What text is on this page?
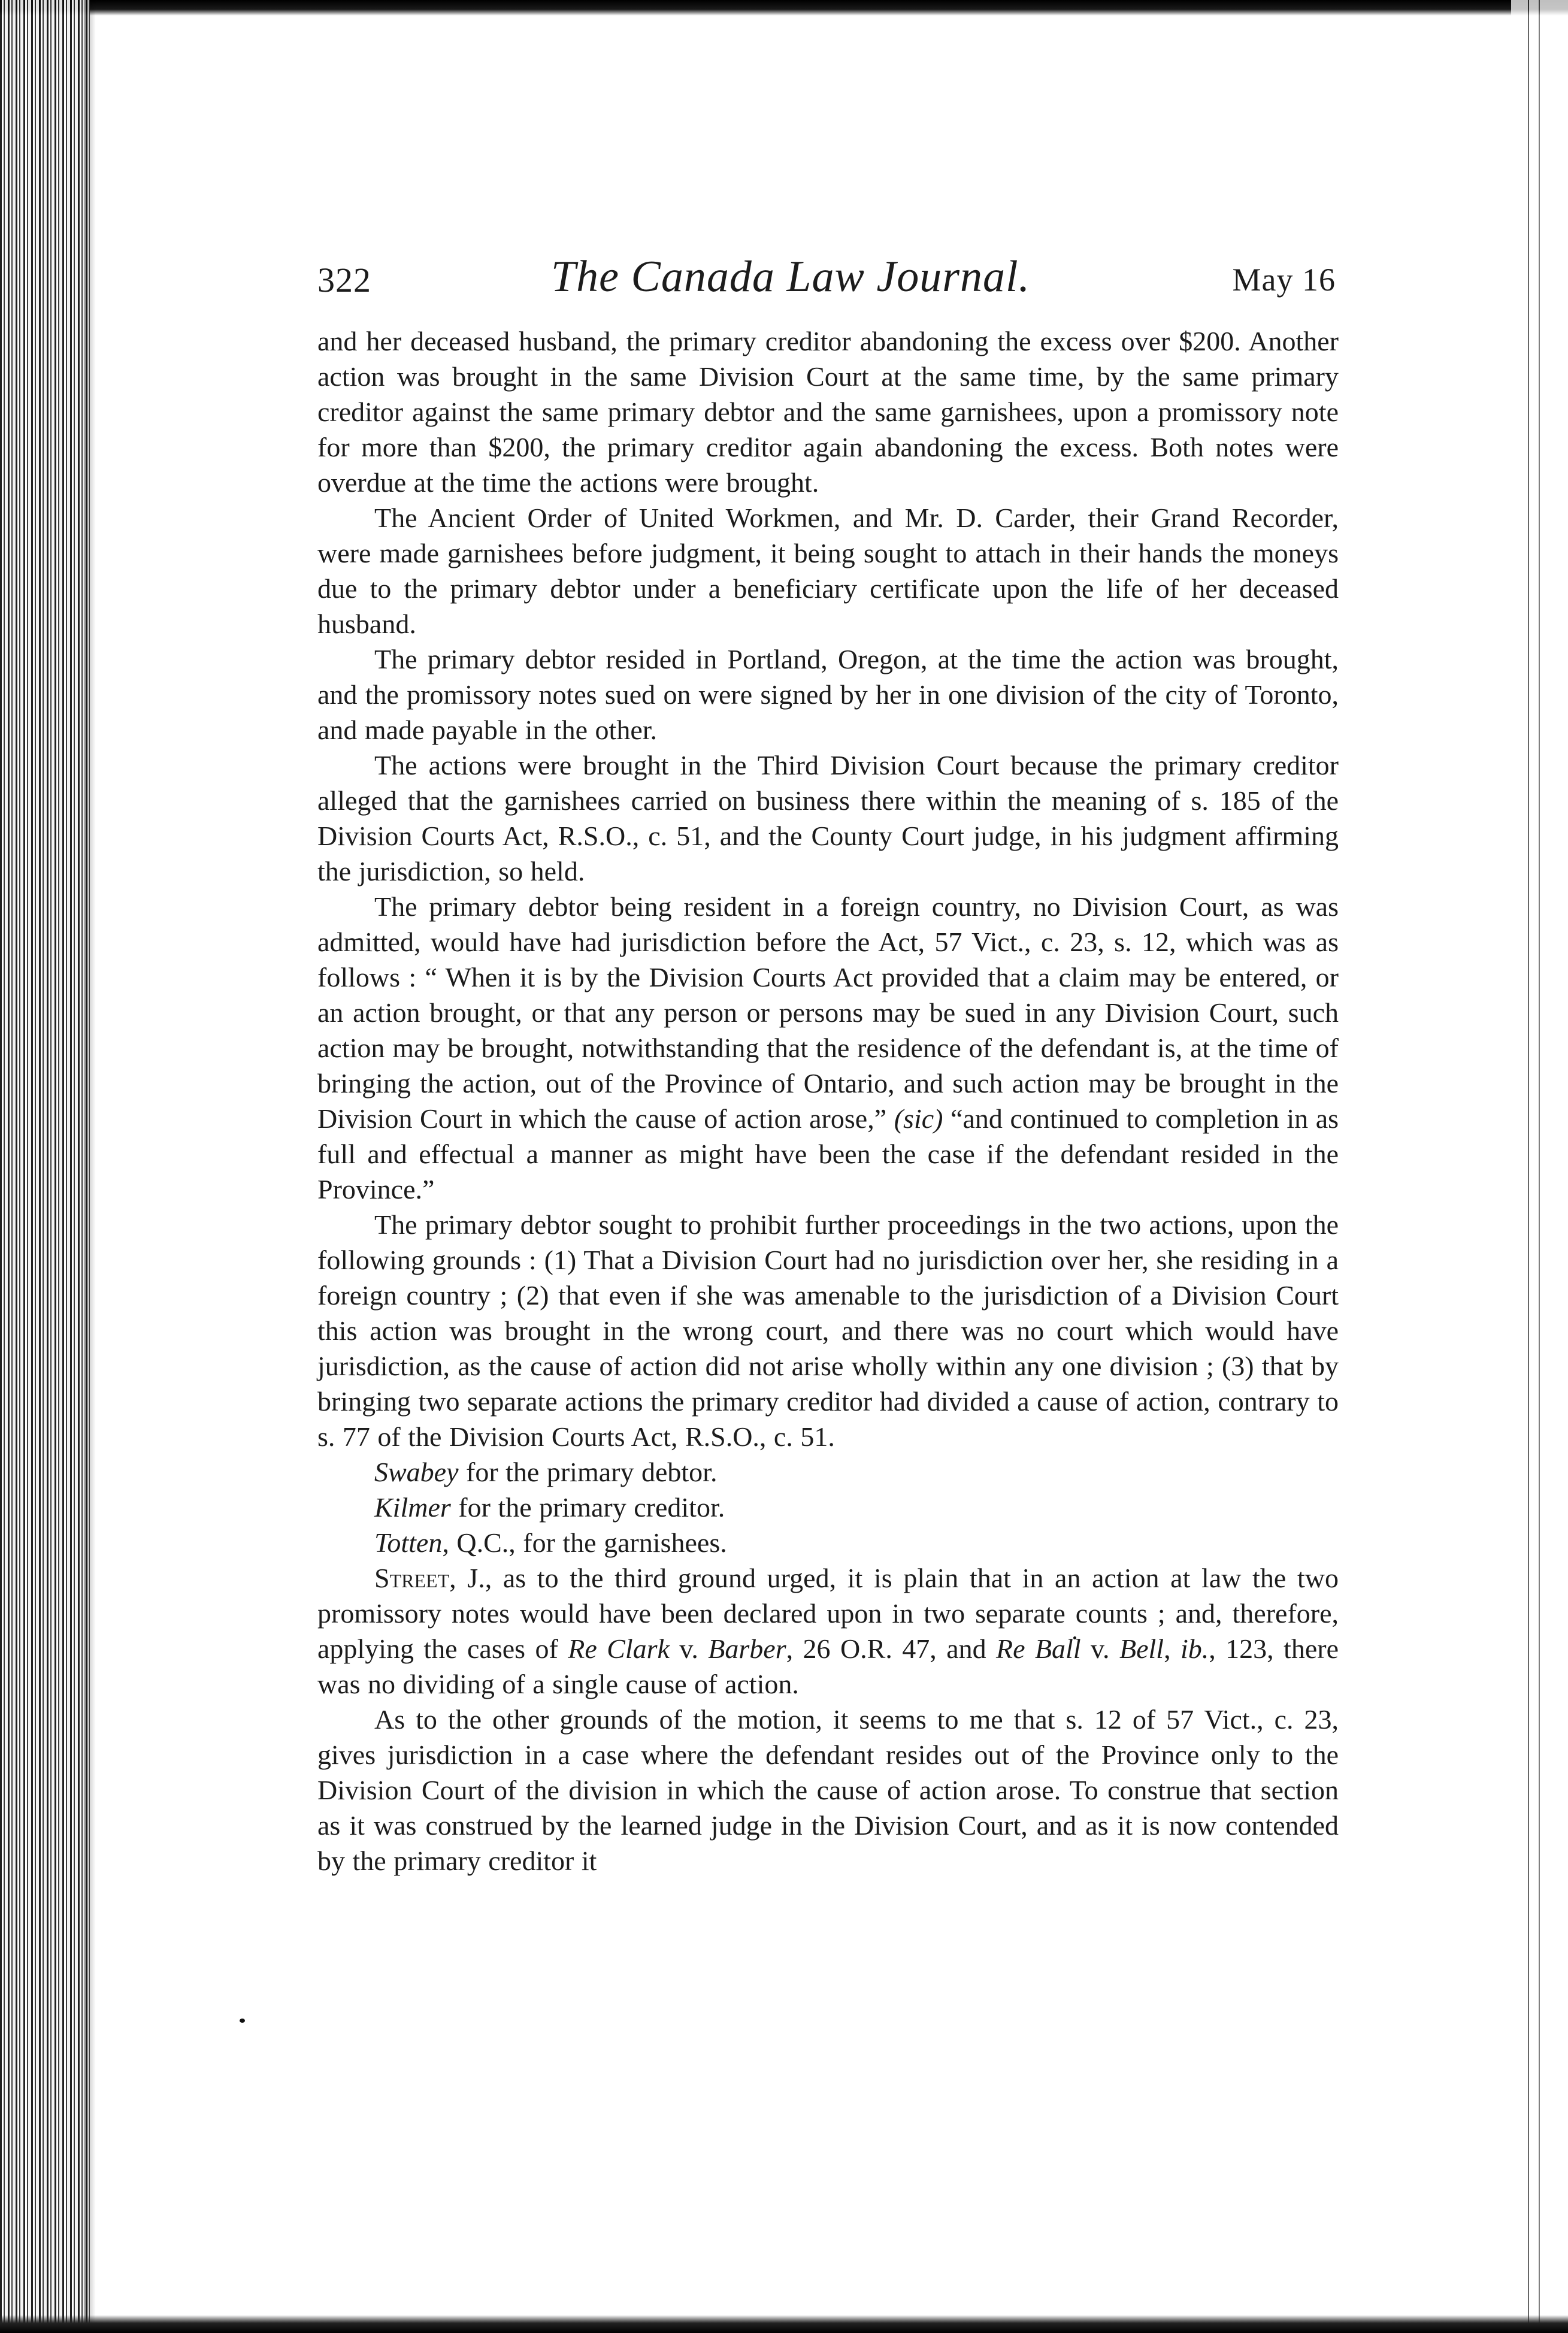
322	The Canada Law Journal.	May 16

and her deceased husband, the primary creditor abandoning the excess over $200. Another action was brought in the same Division Court at the same time, by the same primary creditor against the same primary debtor and the same garnishees, upon a promissory note for more than $200, the primary creditor again abandoning the excess. Both notes were overdue at the time the actions were brought.

The Ancient Order of United Workmen, and Mr. D. Carder, their Grand Recorder, were made garnishees before judgment, it being sought to attach in their hands the moneys due to the primary debtor under a beneficiary certificate upon the life of her deceased husband.

The primary debtor resided in Portland, Oregon, at the time the action was brought, and the promissory notes sued on were signed by her in one division of the city of Toronto, and made payable in the other.

The actions were brought in the Third Division Court because the primary creditor alleged that the garnishees carried on business there within the meaning of s. 185 of the Division Courts Act, R.S.O., c. 51, and the County Court judge, in his judgment affirming the jurisdiction, so held.

The primary debtor being resident in a foreign country, no Division Court, as was admitted, would have had jurisdiction before the Act, 57 Vict., c. 23, s. 12, which was as follows : “ When it is by the Division Courts Act provided that a claim may be entered, or an action brought, or that any person or persons may be sued in any Division Court, such action may be brought, notwithstanding that the residence of the defendant is, at the time of bringing the action, out of the Province of Ontario, and such action may be brought in the Division Court in which the cause of action arose,” (sic) “and continued to completion in as full and effectual a manner as might have been the case if the defendant resided in the Province.”

The primary debtor sought to prohibit further proceedings in the two actions, upon the following grounds : (1) That a Division Court had no jurisdiction over her, she residing in a foreign country ; (2) that even if she was amenable to the jurisdiction of a Division Court this action was brought in the wrong court, and there was no court which would have jurisdiction, as the cause of action did not arise wholly within any one division ; (3) that by bringing two separate actions the primary creditor had divided a cause of action, contrary to s. 77 of the Division Courts Act, R.S.O., c. 51.

Swabey for the primary debtor.

Kilmer for the primary creditor.

Totten, Q.C., for the garnishees.

Street, J., as to the third ground urged, it is plain that in an action at law the two promissory notes would have been declared upon in two separate counts ; and, therefore, applying the cases of Re Clark v. Barber, 26 O.R. 47, and Re Ball v. Bell, ib., 123, there was no dividing of a single cause of action.

As to the other grounds of the motion, it seems to me that s. 12 of 57 Vict., c. 23, gives jurisdiction in a case where the defendant resides out of the Province only to the Division Court of the division in which the cause of action arose. To construe that section as it was construed by the learned judge in the Division Court, and as it is now contended by the primary creditor it
